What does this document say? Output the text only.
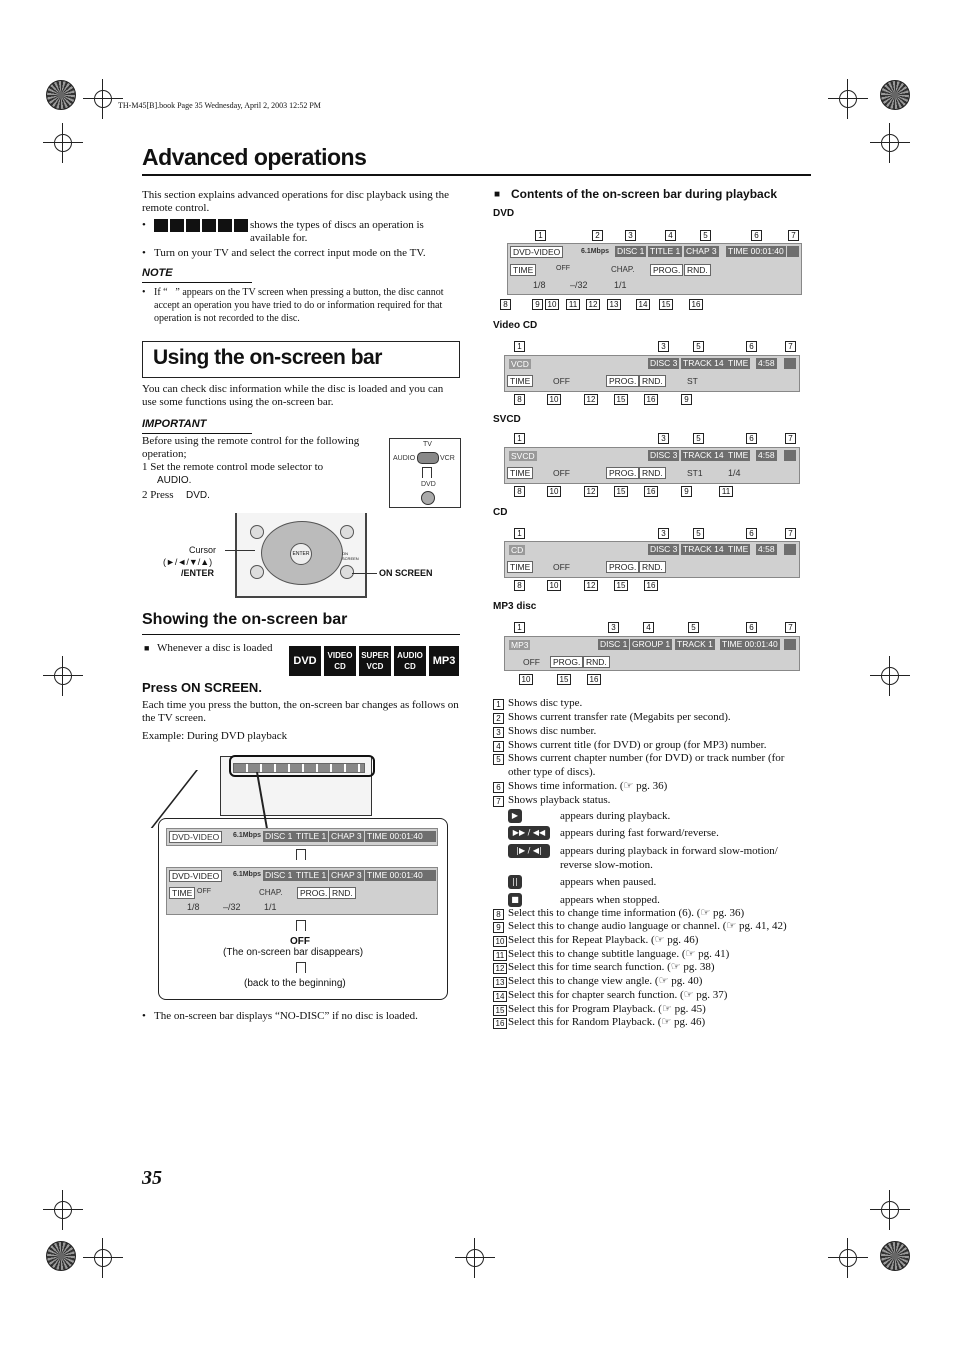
TH-M45[B].book Page 35 Wednesday, April 2, 2003 12:52 PM
Advanced operations
This section explains advanced operations for disc playback using the remote control.
•	shows the types of discs an operation is available for.
• Turn on your TV and select the correct input mode on the TV.
NOTE
• If “⃠” appears on the TV screen when pressing a button, the disc cannot accept an operation you have tried to do or information required for that operation is not recorded to the disc.
Using the on-screen bar
You can check disc information while the disc is loaded and you can use some functions using the on-screen bar.
IMPORTANT
Before using the remote control for the following operation;
1 Set the remote control mode selector to
AUDIO.
2 Press DVD.
TV
AUDIO	VCR
DVD
ENTER	ON SCREEN
Cursor
(►/◄/▼/▲)
/ENTER	ON SCREEN
Showing the on-screen bar
■ Whenever a disc is loaded
DVD	VIDEO CD
SUPER VCD
AUDIO CD	MP3
Press ON SCREEN.
Each time you press the button, the on-screen bar changes as follows on the TV screen.
Example: During DVD playback
DVD-VIDEO	6.1Mbps DISC 1 TITLE 1 CHAP 3 TIME 00:01:40
DVD-VIDEO	6.1Mbps DISC 1 TITLE 1 CHAP 3 TIME 00:01:40
TIME OFF	CHAP.	PROG. RND.
1/8	–/32	1/1
OFF
(The on-screen bar disappears)
(back to the beginning)
• The on-screen bar displays “NO-DISC” if no disc is loaded.
■ Contents of the on-screen bar during playback
DVD
1	2	3	4	5	6	7
DVD-VIDEO	6.1Mbps DISC 1 TITLE 1 CHAP 3 TIME 00:01:40
TIME	OFF	CHAP.	PROG. RND.
1/8	–/32	1/1
8	9 10	11	12	13	14	15	16
Video CD
1	3	5	6	7
VCD	DISC 3 TRACK 14 TIME 4:58
TIME	OFF	PROG. RND.	ST
8	10	12	15	16	9
SVCD
1	3	5	6	7
SVCD	DISC 3 TRACK 14 TIME 4:58
TIME	OFF	PROG. RND.	ST1	1/4
8	10	12	15	16	9	11
CD
1	3	5	6	7
CD	DISC 3 TRACK 14 TIME 4:58
TIME	OFF	PROG. RND.
8	10	12	15	16
MP3 disc
1	3	4	5	6	7
MP3	DISC 1 GROUP 1 TRACK 1 TIME 00:01:40
OFF	PROG. RND.
10	15	16
1 Shows disc type.
2 Shows current transfer rate (Megabits per second).
3 Shows disc number.
4 Shows current title (for DVD) or group (for MP3) number.
5 Shows current chapter number (for DVD) or track number (for
other type of discs).
6 Shows time information. (☞ pg. 36)
7 Shows playback status.
▶	appears during playback.
▶▶ / ◀◀	appears during fast forward/reverse.
|▶ / ◀|	appears during playback in forward slow-motion/
reverse slow-motion.
||	appears when paused.
■	appears when stopped.
8 Select this to change time information (6). (☞ pg. 36)
9 Select this to change audio language or channel. (☞ pg. 41, 42)
10 Select this for Repeat Playback. (☞ pg. 46)
11 Select this to change subtitle language. (☞ pg. 41)
12 Select this for time search function. (☞ pg. 38)
13 Select this to change view angle. (☞ pg. 40)
14 Select this for chapter search function. (☞ pg. 37)
15 Select this for Program Playback. (☞ pg. 45)
16 Select this for Random Playback. (☞ pg. 46)
35
